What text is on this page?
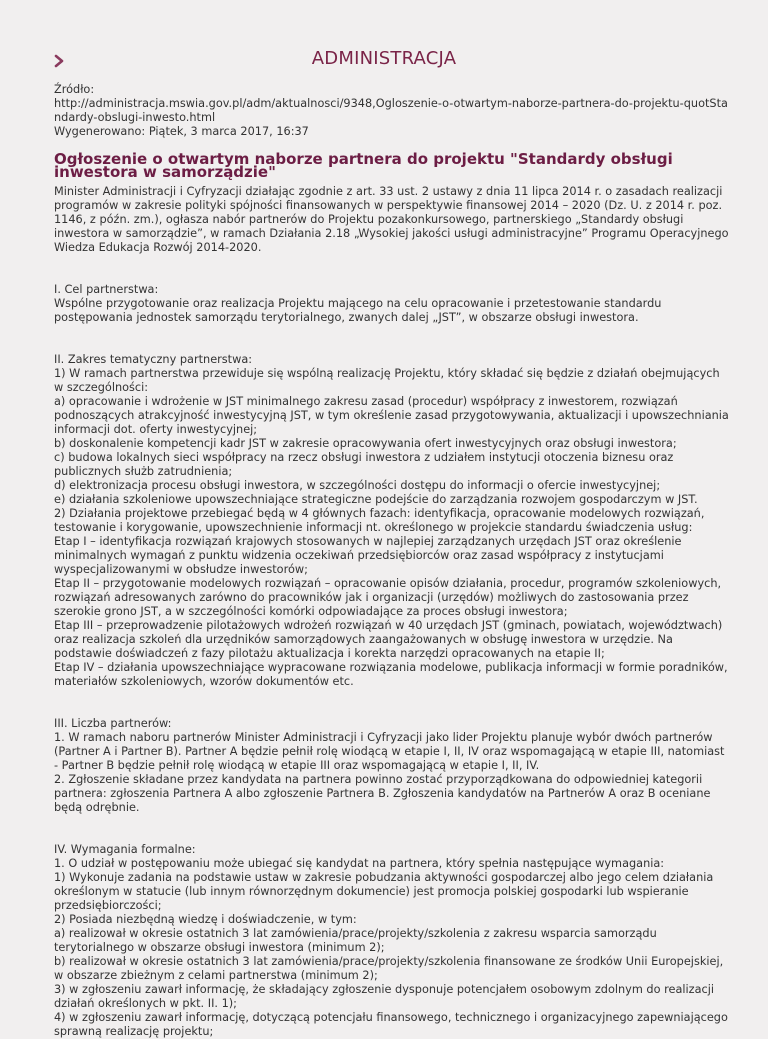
ADMINISTRACJA

Źródło:

http://administracja.mswia.gov.pl/adm/aktualnosci/9348,Ogloszenie-o-otwartym-naborze-partnera-do-projektu-quotStandardy-obslugi-inwesto.html

Wygenerowano: Piątek, 3 marca 2017, 16:37

Ogłoszenie o otwartym naborze partnera do projektu "Standardy obsługi inwestora w samorządzie"

Minister Administracji i Cyfryzacji działając zgodnie z art. 33 ust. 2 ustawy z dnia 11 lipca 2014 r. o zasadach realizacji programów w zakresie polityki spójności finansowanych w perspektywie finansowej 2014 – 2020 (Dz. U. z 2014 r. poz. 1146, z późn. zm.), ogłasza nabór partnerów do Projektu pozakonkursowego, partnerskiego „Standardy obsługi inwestora w samorządzie”, w ramach Działania 2.18 „Wysokiej jakości usługi administracyjne” Programu Operacyjnego Wiedza Edukacja Rozwój 2014-2020.

I. Cel partnerstwa:

Wspólne przygotowanie oraz realizacja Projektu mającego na celu opracowanie i przetestowanie standardu postępowania jednostek samorządu terytorialnego, zwanych dalej „JST”, w obszarze obsługi inwestora.

II. Zakres tematyczny partnerstwa:

1) W ramach partnerstwa przewiduje się wspólną realizację Projektu, który składać się będzie z działań obejmujących w szczególności:

a) opracowanie i wdrożenie w JST minimalnego zakresu zasad (procedur) współpracy z inwestorem, rozwiązań podnoszących atrakcyjność inwestycyjną JST, w tym określenie zasad przygotowywania, aktualizacji i upowszechniania informacji dot. oferty inwestycyjnej;

b) doskonalenie kompetencji kadr JST w zakresie opracowywania ofert inwestycyjnych oraz obsługi inwestora;

c) budowa lokalnych sieci współpracy na rzecz obsługi inwestora z udziałem instytucji otoczenia biznesu oraz publicznych służb zatrudnienia;

d) elektronizacja procesu obsługi inwestora, w szczególności dostępu do informacji o ofercie inwestycyjnej;

e) działania szkoleniowe upowszechniające strategiczne podejście do zarządzania rozwojem gospodarczym w JST.

2) Działania projektowe przebiegać będą w 4 głównych fazach: identyfikacja, opracowanie modelowych rozwiązań, testowanie i korygowanie, upowszechnienie informacji nt. określonego w projekcie standardu świadczenia usług:

Etap I – identyfikacja rozwiązań krajowych stosowanych w najlepiej zarządzanych urzędach JST oraz określenie minimalnych wymagań z punktu widzenia oczekiwań przedsiębiorców oraz zasad współpracy z instytucjami wyspecjalizowanymi w obsłudze inwestorów;

Etap II – przygotowanie modelowych rozwiązań – opracowanie opisów działania, procedur, programów szkoleniowych, rozwiązań adresowanych zarówno do pracowników jak i organizacji (urzędów) możliwych do zastosowania przez szerokie grono JST, a w szczególności komórki odpowiadające za proces obsługi inwestora;

Etap III – przeprowadzenie pilotażowych wdrożeń rozwiązań w 40 urzędach JST (gminach, powiatach, województwach) oraz realizacja szkoleń dla urzędników samorządowych zaangażowanych w obsługę inwestora w urzędzie. Na podstawie doświadczeń z fazy pilotażu aktualizacja i korekta narzędzi opracowanych na etapie II;

Etap IV – działania upowszechniające wypracowane rozwiązania modelowe, publikacja informacji w formie poradników, materiałów szkoleniowych, wzorów dokumentów etc.

III. Liczba partnerów:

1. W ramach naboru partnerów Minister Administracji i Cyfryzacji jako lider Projektu planuje wybór dwóch partnerów (Partner A i Partner B). Partner A będzie pełnił rolę wiodącą w etapie I, II, IV oraz wspomagającą w etapie III, natomiast - Partner B będzie pełnił rolę wiodącą w etapie III oraz wspomagającą w etapie I, II, IV.

2. Zgłoszenie składane przez kandydata na partnera powinno zostać przyporządkowana do odpowiedniej kategorii partnera: zgłoszenia Partnera A albo zgłoszenie Partnera B. Zgłoszenia kandydatów na Partnerów A oraz B oceniane będą odrębnie.

IV. Wymagania formalne:

1. O udział w postępowaniu może ubiegać się kandydat na partnera, który spełnia następujące wymagania:

1) Wykonuje zadania na podstawie ustaw w zakresie pobudzania aktywności gospodarczej albo jego celem działania określonym w statucie (lub innym równorzędnym dokumencie) jest promocja polskiej gospodarki lub wspieranie przedsiębiorczości;

2) Posiada niezbędną wiedzę i doświadczenie, w tym:

a) realizował w okresie ostatnich 3 lat zamówienia/prace/projekty/szkolenia z zakresu wsparcia samorządu terytorialnego w obszarze obsługi inwestora (minimum 2);

b) realizował w okresie ostatnich 3 lat zamówienia/prace/projekty/szkolenia finansowane ze środków Unii Europejskiej, w obszarze zbieżnym z celami partnerstwa (minimum 2);

3) w zgłoszeniu zawarł informację, że składający zgłoszenie dysponuje potencjałem osobowym zdolnym do realizacji działań określonych w pkt. II. 1);

4) w zgłoszeniu zawarł informację, dotyczącą potencjału finansowego, technicznego i organizacyjnego zapewniającego sprawną realizację projektu;
